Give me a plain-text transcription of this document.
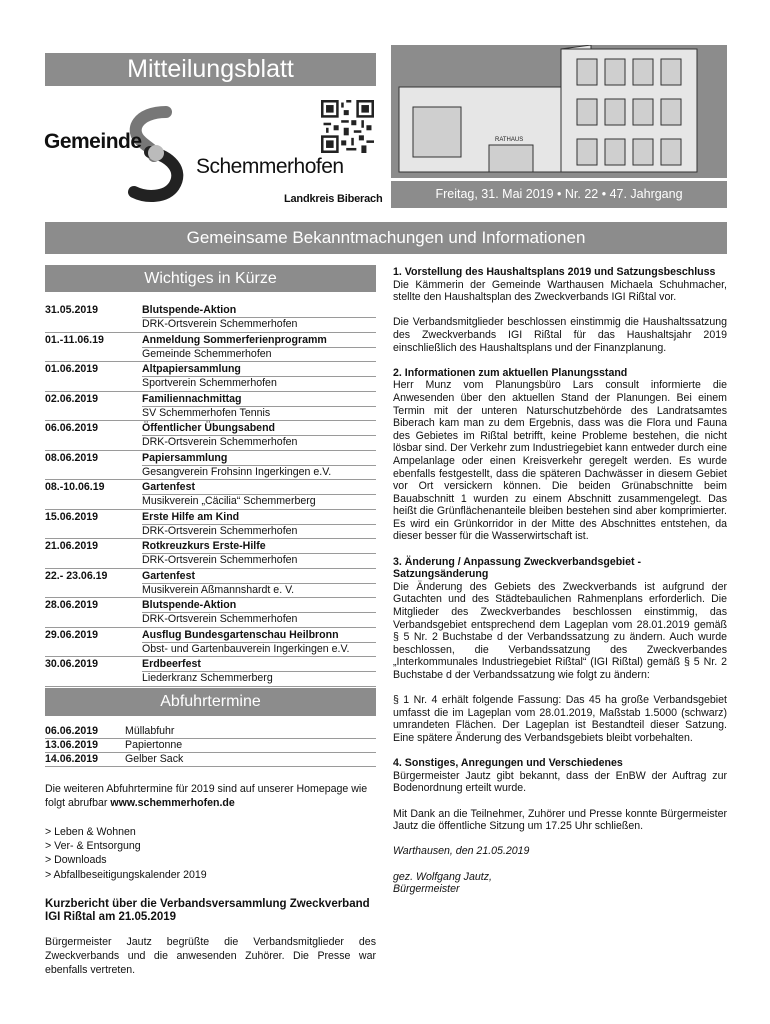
Mitteilungsblatt
Gemeinde
Schemmerhofen
Landkreis Biberach
RATHAUS
Freitag, 31. Mai 2019 • Nr. 22 • 47. Jahrgang
Gemeinsame Bekanntmachungen und Informationen
Wichtiges in Kürze
31.05.2019	Blutspende-Aktion
DRK-Ortsverein Schemmerhofen
01.-11.06.19	Anmeldung Sommerferienprogramm
Gemeinde Schemmerhofen
01.06.2019	Altpapiersammlung
Sportverein Schemmerhofen
02.06.2019	Familiennachmittag
SV Schemmerhofen Tennis
06.06.2019	Öffentlicher Übungsabend
DRK-Ortsverein Schemmerhofen
08.06.2019	Papiersammlung
Gesangverein Frohsinn Ingerkingen e.V.
08.-10.06.19	Gartenfest
Musikverein „Cäcilia“ Schemmerberg
15.06.2019	Erste Hilfe am Kind
DRK-Ortsverein Schemmerhofen
21.06.2019	Rotkreuzkurs Erste-Hilfe
DRK-Ortsverein Schemmerhofen
22.- 23.06.19	Gartenfest
Musikverein Aßmannshardt e. V.
28.06.2019	Blutspende-Aktion
DRK-Ortsverein Schemmerhofen
29.06.2019	Ausflug Bundesgartenschau Heilbronn
Obst- und Gartenbauverein Ingerkingen e.V.
30.06.2019	Erdbeerfest
Liederkranz Schemmerberg
Abfuhrtermine
06.06.2019	Müllabfuhr
13.06.2019	Papiertonne
14.06.2019	Gelber Sack
Die weiteren Abfuhrtermine für 2019 sind auf unserer Homepage wie folgt abrufbar www.schemmerhofen.de
> Leben & Wohnen
> Ver- & Entsorgung
> Downloads
> Abfallbeseitigungskalender 2019
Kurzbericht über die Verbandsversammlung Zweckverband IGI Rißtal am 21.05.2019
Bürgermeister Jautz begrüßte die Verbandsmitglieder des Zweckverbands und die anwesenden Zuhörer. Die Presse war ebenfalls vertreten.
1. Vorstellung des Haushaltsplans 2019 und Satzungsbeschluss

Die Kämmerin der Gemeinde Warthausen Michaela Schuhmacher, stellte den Haushaltsplan des Zweckverbands IGI Rißtal vor.

Die Verbandsmitglieder beschlossen einstimmig die Haushaltssatzung des Zweckverbands IGI Rißtal für das Haushaltsjahr 2019 einschließlich des Haushaltsplans und der Finanzplanung.

2. Informationen zum aktuellen Planungsstand

Herr Munz vom Planungsbüro Lars consult informierte die Anwesenden über den aktuellen Stand der Planungen. Bei einem Termin mit der unteren Naturschutzbehörde des Landratsamtes Biberach kam man zu dem Ergebnis, dass was die Flora und Fauna des Gebietes im Rißtal betrifft, keine Probleme bestehen, die nicht lösbar sind. Der Verkehr zum Industriegebiet kann entweder durch eine Ampelanlage oder einen Kreisverkehr geregelt werden. Es wurde ebenfalls festgestellt, dass die späteren Dachwässer in diesem Gebiet vor Ort versickern können. Die beiden Grünabschnitte beim Bauabschnitt 1 wurden zu einem Abschnitt zusammengelegt. Das heißt die Grünflächenanteile bleiben bestehen sind aber komprimierter. Es wird ein Grünkorridor in der Mitte des Abschnittes entstehen, da dieser besser für die Wasserwirtschaft ist.

3. Änderung / Anpassung Zweckverbandsgebiet - Satzungsänderung

Die Änderung des Gebiets des Zweckverbands ist aufgrund der Gutachten und des Städtebaulichen Rahmenplans erforderlich. Die Mitglieder des Zweckverbandes beschlossen einstimmig, das Verbandsgebiet entsprechend dem Lageplan vom 28.01.2019 gemäß § 5 Nr. 2 Buchstabe d der Verbandssatzung zu ändern. Auch wurde beschlossen, die Verbandssatzung des Zweckverbandes „Interkommunales Industriegebiet Rißtal“ (IGI Rißtal) gemäß § 5 Nr. 2 Buchstabe d der Verbandssatzung wie folgt zu ändern:

§ 1 Nr. 4 erhält folgende Fassung: Das 45 ha große Verbandsgebiet umfasst die im Lageplan vom 28.01.2019, Maßstab 1.5000 (schwarz) umrandeten Flächen. Der Lageplan ist Bestandteil dieser Satzung. Eine spätere Änderung des Verbandsgebiets bleibt vorbehalten.

4. Sonstiges, Anregungen und Verschiedenes

Bürgermeister Jautz gibt bekannt, dass der EnBW der Auftrag zur Bodenordnung erteilt wurde.

Mit Dank an die Teilnehmer, Zuhörer und Presse konnte Bürgermeister Jautz die öffentliche Sitzung um 17.25 Uhr schließen.

Warthausen, den 21.05.2019

gez. Wolfgang Jautz,
Bürgermeister
